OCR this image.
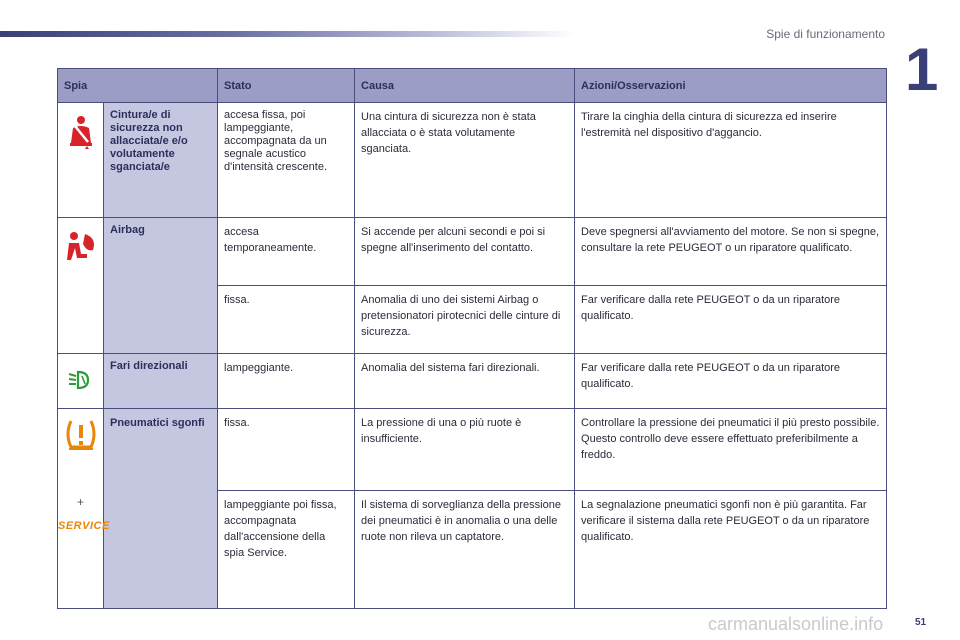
Spie di funzionamento
1
Spia		Stato	Causa	Azioni/Osservazioni
	Cintura/e di sicurezza non allacciata/e e/o volutamente sganciata/e	accesa fissa, poi lampeggiante, accompagnata da un segnale acustico d'intensità crescente.	Una cintura di sicurezza non è stata allacciata o è stata volutamente sganciata.	Tirare la cinghia della cintura di sicurezza ed inserire l'estremità nel dispositivo d'aggancio.
	Airbag	accesa temporaneamente.	Si accende per alcuni secondi e poi si spegne all'inserimento del contatto.	Deve spegnersi all'avviamento del motore. Se non si spegne, consultare la rete PEUGEOT o un riparatore qualificato.
		fissa.	Anomalia di uno dei sistemi Airbag o pretensionatori pirotecnici delle cinture di sicurezza.	Far verificare dalla rete PEUGEOT o da un riparatore qualificato.
	Fari direzionali	lampeggiante.	Anomalia del sistema fari direzionali.	Far verificare dalla rete PEUGEOT o da un riparatore qualificato.

+
SERVICE	Pneumatici sgonfi	fissa.	La pressione di una o più ruote è insufficiente.	Controllare la pressione dei pneumatici il più presto possibile. Questo controllo deve essere effettuato preferibilmente a freddo.
		lampeggiante poi fissa, accompagnata dall'accensione della spia Service.	Il sistema di sorveglianza della pressione dei pneumatici è in anomalia o una delle ruote non rileva un captatore.	La segnalazione pneumatici sgonfi non è più garantita. Far verificare il sistema dalla rete PEUGEOT o da un riparatore qualificato.
carmanualsonline.info	51
